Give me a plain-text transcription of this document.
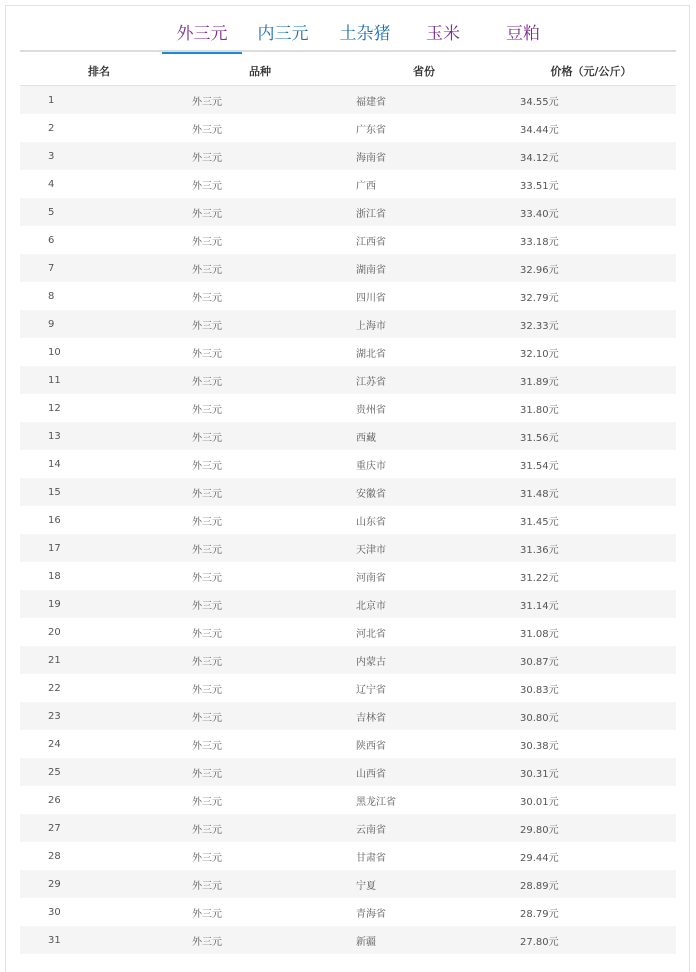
外三元	内三元	土杂猪	玉米	豆粕
排名	品种	省份	价格（元/公斤）
1	外三元	福建省	34.55元
2	外三元	广东省	34.44元
3	外三元	海南省	34.12元
4	外三元	广西	33.51元
5	外三元	浙江省	33.40元
6	外三元	江西省	33.18元
7	外三元	湖南省	32.96元
8	外三元	四川省	32.79元
9	外三元	上海市	32.33元
10	外三元	湖北省	32.10元
11	外三元	江苏省	31.89元
12	外三元	贵州省	31.80元
13	外三元	西藏	31.56元
14	外三元	重庆市	31.54元
15	外三元	安徽省	31.48元
16	外三元	山东省	31.45元
17	外三元	天津市	31.36元
18	外三元	河南省	31.22元
19	外三元	北京市	31.14元
20	外三元	河北省	31.08元
21	外三元	内蒙古	30.87元
22	外三元	辽宁省	30.83元
23	外三元	吉林省	30.80元
24	外三元	陕西省	30.38元
25	外三元	山西省	30.31元
26	外三元	黑龙江省	30.01元
27	外三元	云南省	29.80元
28	外三元	甘肃省	29.44元
29	外三元	宁夏	28.89元
30	外三元	青海省	28.79元
31	外三元	新疆	27.80元
